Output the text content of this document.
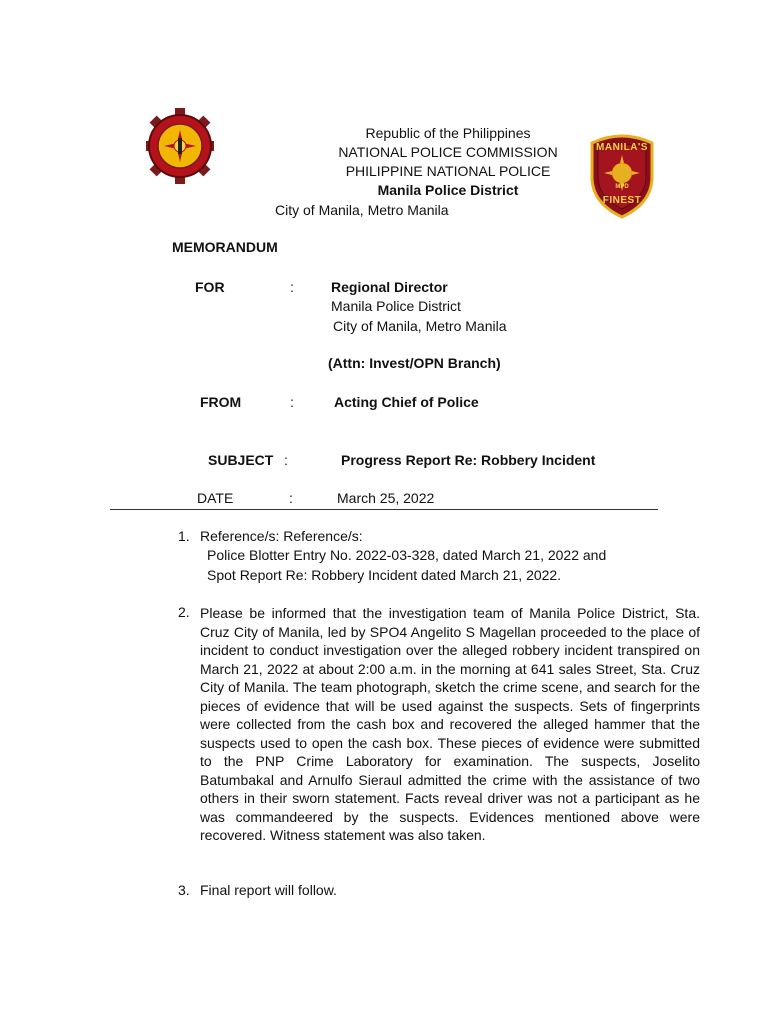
MANILA'S
MPD
FINEST
Republic of the Philippines
NATIONAL POLICE COMMISSION
PHILIPPINE NATIONAL POLICE
Manila Police District
City of Manila, Metro Manila
MEMORANDUM
FOR	:	Regional Director
Manila Police District
City of Manila, Metro Manila
(Attn: Invest/OPN Branch)
FROM	:	Acting Chief of Police
SUBJECT :	Progress Report Re: Robbery Incident
DATE	:	March 25, 2022
1. Reference/s: Reference/s:
Police Blotter Entry No. 2022-03-328, dated March 21, 2022 and
Spot Report Re: Robbery Incident dated March 21, 2022.
2. Please be informed that the investigation team of Manila Police District, Sta. Cruz City of Manila, led by SPO4 Angelito S Magellan proceeded to the place of incident to conduct investigation over the alleged robbery incident transpired on March 21, 2022 at about 2:00 a.m. in the morning at 641 sales Street, Sta. Cruz City of Manila. The team photograph, sketch the crime scene, and search for the pieces of evidence that will be used against the suspects. Sets of fingerprints were collected from the cash box and recovered the alleged hammer that the suspects used to open the cash box. These pieces of evidence were submitted to the PNP Crime Laboratory for examination. The suspects, Joselito Batumbakal and Arnulfo Sieraul admitted the crime with the assistance of two others in their sworn statement. Facts reveal driver was not a participant as he was commandeered by the suspects. Evidences mentioned above were recovered. Witness statement was also taken.
3. Final report will follow.
